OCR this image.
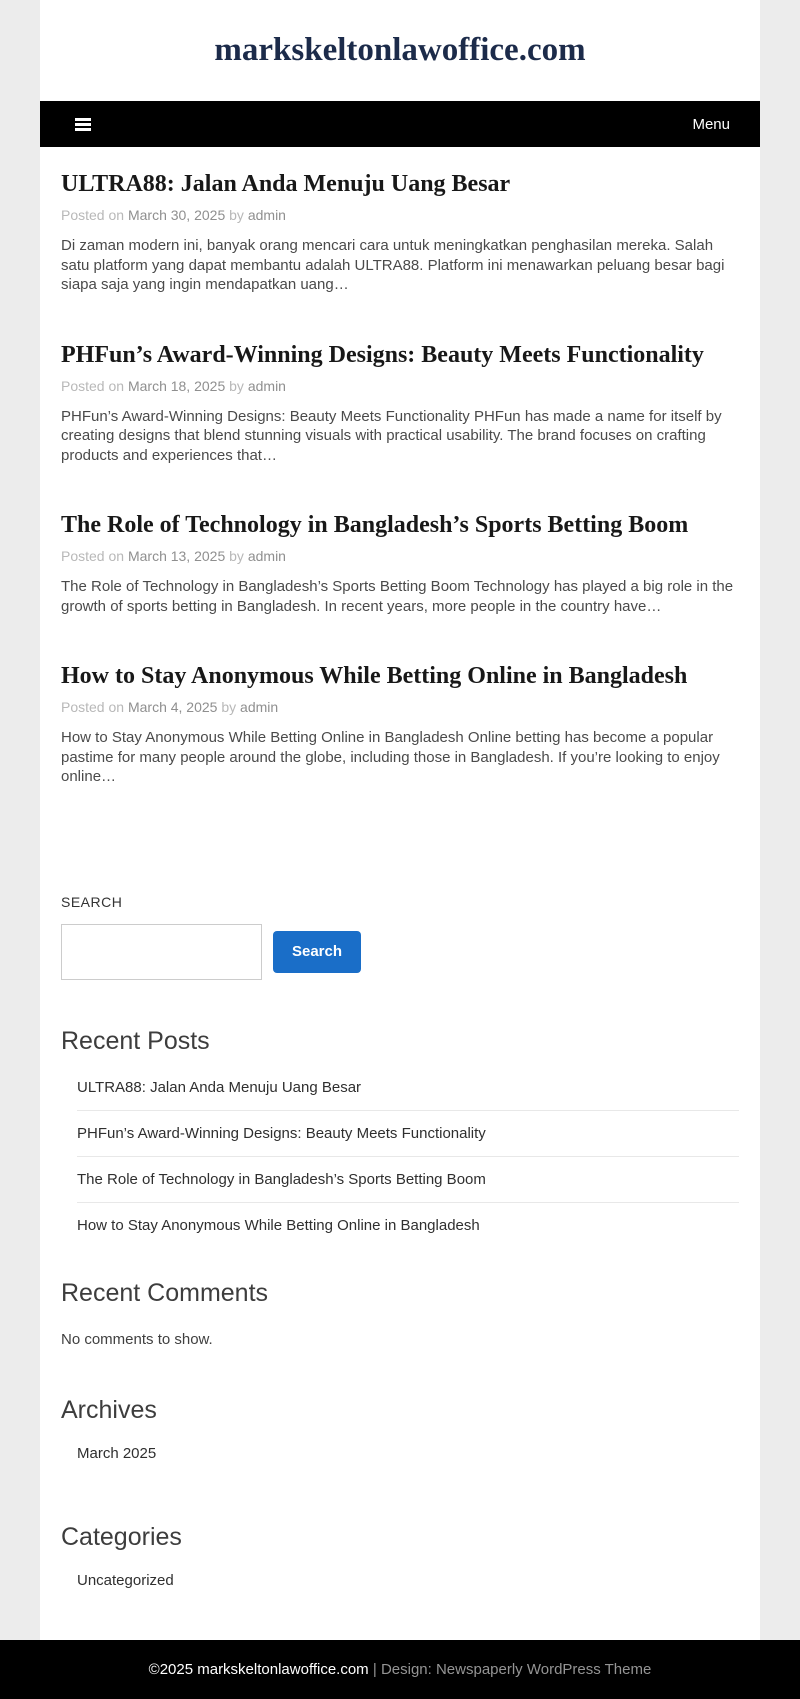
markskeltonlawoffice.com
Menu
ULTRA88: Jalan Anda Menuju Uang Besar
Posted on March 30, 2025 by admin

Di zaman modern ini, banyak orang mencari cara untuk meningkatkan penghasilan mereka. Salah satu platform yang dapat membantu adalah ULTRA88. Platform ini menawarkan peluang besar bagi siapa saja yang ingin mendapatkan uang…

PHFun’s Award-Winning Designs: Beauty Meets Functionality
Posted on March 18, 2025 by admin

PHFun’s Award-Winning Designs: Beauty Meets Functionality PHFun has made a name for itself by creating designs that blend stunning visuals with practical usability. The brand focuses on crafting products and experiences that…

The Role of Technology in Bangladesh’s Sports Betting Boom
Posted on March 13, 2025 by admin

The Role of Technology in Bangladesh’s Sports Betting Boom Technology has played a big role in the growth of sports betting in Bangladesh. In recent years, more people in the country have…

How to Stay Anonymous While Betting Online in Bangladesh
Posted on March 4, 2025 by admin

How to Stay Anonymous While Betting Online in Bangladesh Online betting has become a popular pastime for many people around the globe, including those in Bangladesh. If you’re looking to enjoy online…

SEARCH
Search
Recent Posts
ULTRA88: Jalan Anda Menuju Uang Besar
PHFun’s Award-Winning Designs: Beauty Meets Functionality
The Role of Technology in Bangladesh’s Sports Betting Boom
How to Stay Anonymous While Betting Online in Bangladesh
Recent Comments

No comments to show.

Archives
March 2025
Categories
Uncategorized
©2025 markskeltonlawoffice.com
|
Design:
Newspaperly WordPress Theme
